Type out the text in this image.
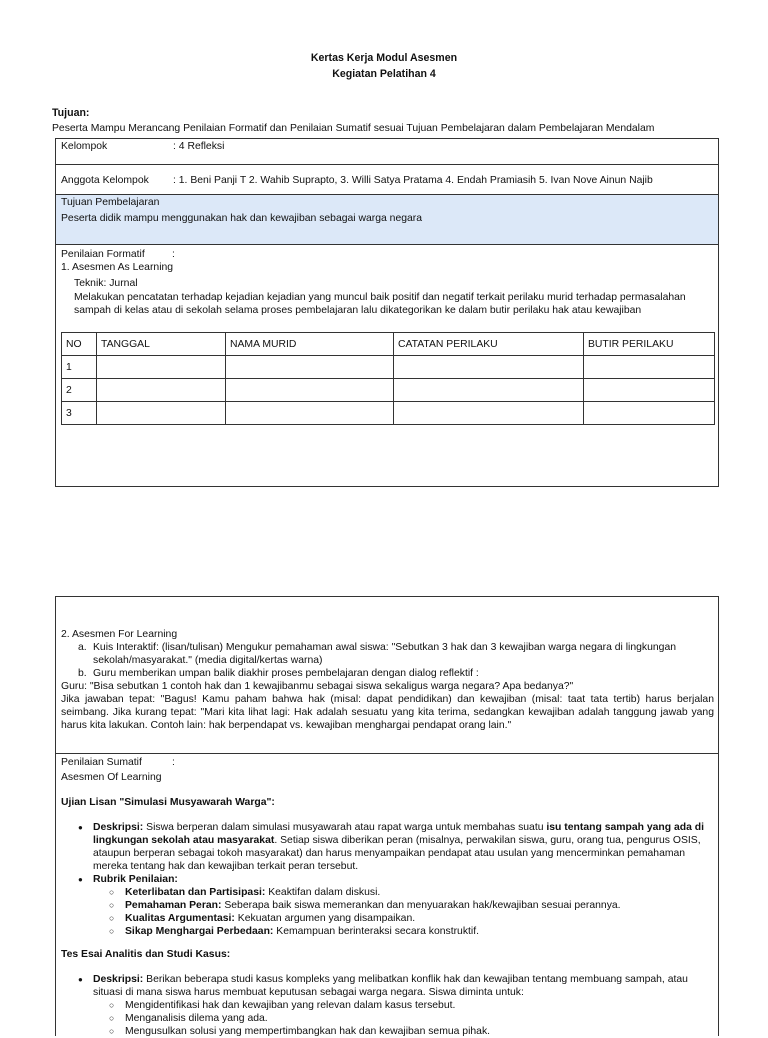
Kertas Kerja Modul Asesmen
Kegiatan Pelatihan 4
Tujuan:
Peserta Mampu Merancang Penilaian Formatif dan Penilaian Sumatif sesuai Tujuan Pembelajaran dalam Pembelajaran Mendalam
Kelompok	: 4 Refleksi
Anggota Kelompok : 1. Beni Panji T 2. Wahib Suprapto, 3. Willi Satya Pratama 4. Endah Pramiasih 5. Ivan Nove Ainun Najib
Tujuan Pembelajaran
Peserta didik mampu menggunakan hak dan kewajiban sebagai warga negara
Penilaian Formatif	:
1. Asesmen As Learning
Teknik: Jurnal
Melakukan pencatatan terhadap kejadian kejadian yang muncul baik positif dan negatif terkait perilaku murid terhadap permasalahan sampah di kelas atau di sekolah selama proses pembelajaran lalu dikategorikan ke dalam butir perilaku hak atau kewajiban
NO	TANGGAL	NAMA MURID	CATATAN PERILAKU	BUTIR PERILAKU
1				
2				
3				
2. Asesmen For Learning
a. Kuis Interaktif: (lisan/tulisan) Mengukur pemahaman awal siswa: "Sebutkan 3 hak dan 3 kewajiban warga negara di lingkungan sekolah/masyarakat." (media digital/kertas warna)
b. Guru memberikan umpan balik diakhir proses pembelajaran dengan dialog reflektif :
Guru: "Bisa sebutkan 1 contoh hak dan 1 kewajibanmu sebagai siswa sekaligus warga negara? Apa bedanya?"
Jika jawaban tepat: "Bagus! Kamu paham bahwa hak (misal: dapat pendidikan) dan kewajiban (misal: taat tata tertib) harus berjalan seimbang. Jika kurang tepat: "Mari kita lihat lagi: Hak adalah sesuatu yang kita terima, sedangkan kewajiban adalah tanggung jawab yang harus kita lakukan. Contoh lain: hak berpendapat vs. kewajiban menghargai pendapat orang lain."
Penilaian Sumatif	:
Asesmen Of Learning
Ujian Lisan "Simulasi Musyawarah Warga":
● Deskripsi: Siswa berperan dalam simulasi musyawarah atau rapat warga untuk membahas suatu isu tentang sampah yang ada di lingkungan sekolah atau masyarakat. Setiap siswa diberikan peran (misalnya, perwakilan siswa, guru, orang tua, pengurus OSIS, ataupun berperan sebagai tokoh masyarakat) dan harus menyampaikan pendapat atau usulan yang mencerminkan pemahaman mereka tentang hak dan kewajiban terkait peran tersebut.
● Rubrik Penilaian:
○ Keterlibatan dan Partisipasi: Keaktifan dalam diskusi.
○ Pemahaman Peran: Seberapa baik siswa memerankan dan menyuarakan hak/kewajiban sesuai perannya.
○ Kualitas Argumentasi: Kekuatan argumen yang disampaikan.
○ Sikap Menghargai Perbedaan: Kemampuan berinteraksi secara konstruktif.
Tes Esai Analitis dan Studi Kasus:
● Deskripsi: Berikan beberapa studi kasus kompleks yang melibatkan konflik hak dan kewajiban tentang membuang sampah, atau situasi di mana siswa harus membuat keputusan sebagai warga negara. Siswa diminta untuk:
○ Mengidentifikasi hak dan kewajiban yang relevan dalam kasus tersebut.
○ Menganalisis dilema yang ada.
○ Mengusulkan solusi yang mempertimbangkan hak dan kewajiban semua pihak.
